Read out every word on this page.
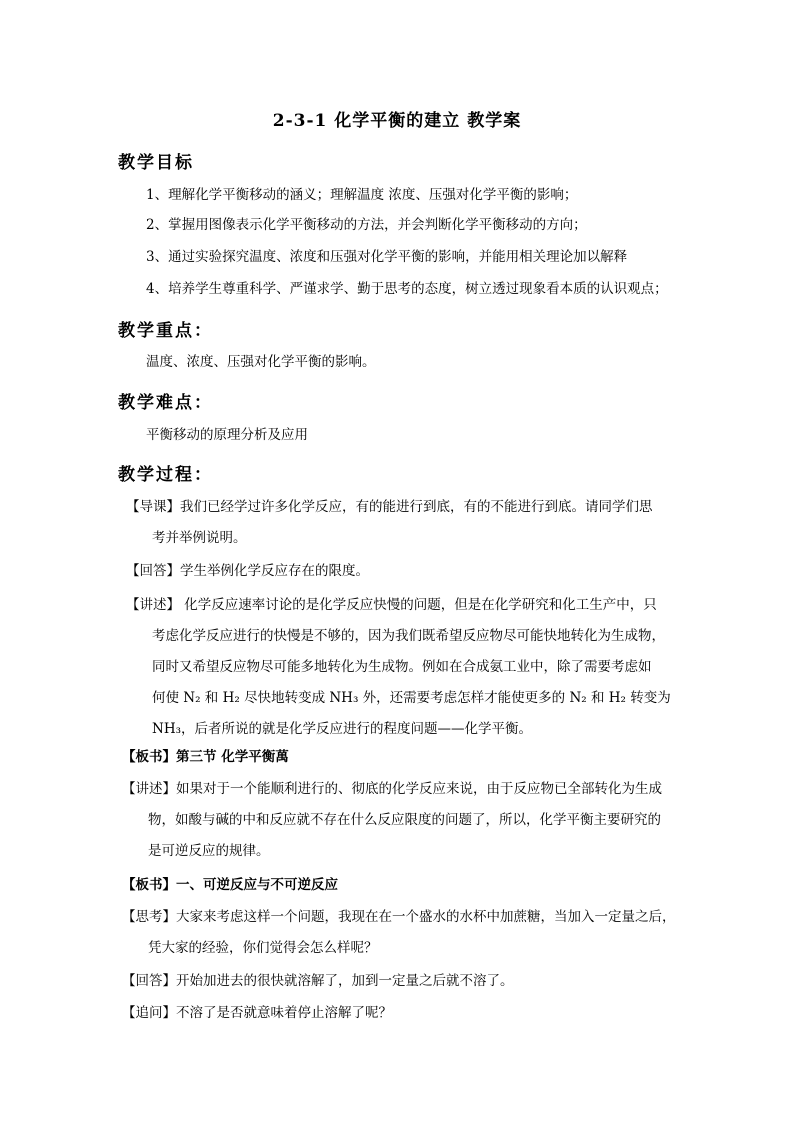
2-3-1 化学平衡的建立 教学案
教学目标
1、理解化学平衡移动的涵义；理解温度 浓度、压强对化学平衡的影响；
2、掌握用图像表示化学平衡移动的方法，并会判断化学平衡移动的方向；
3、通过实验探究温度、浓度和压强对化学平衡的影响，并能用相关理论加以解释
4、培养学生尊重科学、严谨求学、勤于思考的态度，树立透过现象看本质的认识观点；
教学重点：
温度、浓度、压强对化学平衡的影响。
教学难点：
平衡移动的原理分析及应用
教学过程：
【导课】我们已经学过许多化学反应，有的能进行到底，有的不能进行到底。请同学们思
考并举例说明。
【回答】学生举例化学反应存在的限度。
【讲述】 化学反应速率讨论的是化学反应快慢的问题，但是在化学研究和化工生产中，只
考虑化学反应进行的快慢是不够的，因为我们既希望反应物尽可能快地转化为生成物，
同时又希望反应物尽可能多地转化为生成物。例如在合成氨工业中，除了需要考虑如
何使 N₂ 和 H₂ 尽快地转变成 NH₃ 外，还需要考虑怎样才能使更多的 N₂ 和 H₂ 转变为
NH₃，后者所说的就是化学反应进行的程度问题——化学平衡。
【板书】第三节 化学平衡萬
【讲述】如果对于一个能顺利进行的、彻底的化学反应来说，由于反应物已全部转化为生成
物，如酸与碱的中和反应就不存在什么反应限度的问题了，所以，化学平衡主要研究的
是可逆反应的规律。
【板书】一、可逆反应与不可逆反应
【思考】大家来考虑这样一个问题，我现在在一个盛水的水杯中加蔗糖，当加入一定量之后，
凭大家的经验，你们觉得会怎么样呢？
【回答】开始加进去的很快就溶解了，加到一定量之后就不溶了。
【追问】不溶了是否就意味着停止溶解了呢？
